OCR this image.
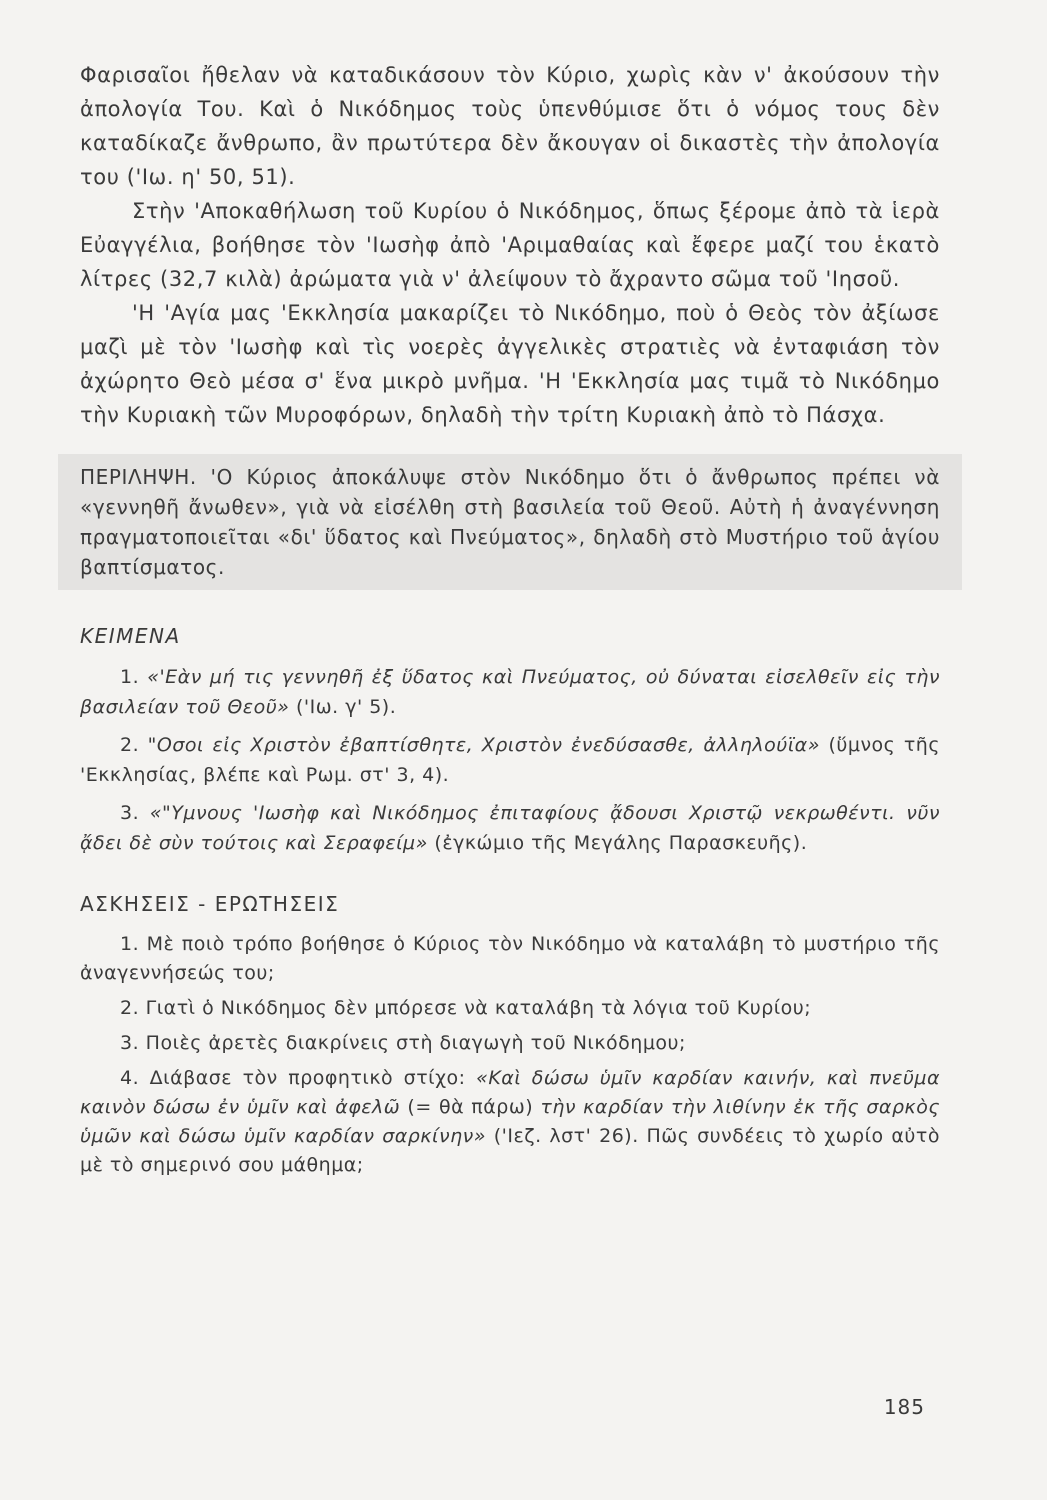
Φαρισαῖοι ἤθελαν νὰ καταδικάσουν τὸν Κύριο, χωρὶς κὰν ν' ἀκούσουν τὴν ἀπολογία Του. Καὶ ὁ Νικόδημος τοὺς ὑπενθύμισε ὅτι ὁ νόμος τους δὲν καταδίκαζε ἄνθρωπο, ἂν πρωτύτερα δὲν ἄκουγαν οἱ δικαστὲς τὴν ἀπολογία του ('Ιω. η' 50, 51).

Στὴν 'Αποκαθήλωση τοῦ Κυρίου ὁ Νικόδημος, ὅπως ξέρομε ἀπὸ τὰ ἱερὰ Εὐαγγέλια, βοήθησε τὸν 'Ιωσὴφ ἀπὸ 'Αριμαθαίας καὶ ἔφερε μαζί του ἑκατὸ λίτρες (32,7 κιλὰ) ἀρώματα γιὰ ν' ἀλείψουν τὸ ἄχραντο σῶμα τοῦ 'Ιησοῦ.

'Η 'Αγία μας 'Εκκλησία μακαρίζει τὸ Νικόδημο, ποὺ ὁ Θεὸς τὸν ἀξίωσε μαζὶ μὲ τὸν 'Ιωσὴφ καὶ τὶς νοερὲς ἀγγελικὲς στρατιὲς νὰ ἐνταφιάση τὸν ἀχώρητο Θεὸ μέσα σ' ἕνα μικρὸ μνῆμα. 'Η 'Εκκλησία μας τιμᾶ τὸ Νικόδημο τὴν Κυριακὴ τῶν Μυροφόρων, δηλαδὴ τὴν τρίτη Κυριακὴ ἀπὸ τὸ Πάσχα.

ΠΕΡΙΛΗΨΗ. 'Ο Κύριος ἀποκάλυψε στὸν Νικόδημο ὅτι ὁ ἄνθρωπος πρέπει νὰ «γεννηθῆ ἄνωθεν», γιὰ νὰ εἰσέλθη στὴ βασιλεία τοῦ Θεοῦ. Αὐτὴ ἡ ἀναγέννηση πραγματοποιεῖται «δι' ὕδατος καὶ Πνεύματος», δηλαδὴ στὸ Μυστήριο τοῦ ἁγίου βαπτίσματος.

ΚΕΙΜΕΝΑ

1. «'Εὰν μή τις γεννηθῆ ἐξ ὕδατος καὶ Πνεύματος, οὐ δύναται εἰσελθεῖν εἰς τὴν βασιλείαν τοῦ Θεοῦ» ('Ιω. γ' 5).

2. "Οσοι εἰς Χριστὸν ἐβαπτίσθητε, Χριστὸν ἐνεδύσασθε, ἀλληλούϊα» (ὕμνος τῆς 'Εκκλησίας, βλέπε καὶ Ρωμ. στ' 3, 4).

3. «"Υμνους 'Ιωσὴφ καὶ Νικόδημος ἐπιταφίους ᾄδουσι Χριστῷ νεκρωθέντι. νῦν ᾄδει δὲ σὺν τούτοις καὶ Σεραφείμ» (ἐγκώμιο τῆς Μεγάλης Παρασκευῆς).

ΑΣΚΗΣΕΙΣ - ΕΡΩΤΗΣΕΙΣ

1. Μὲ ποιὸ τρόπο βοήθησε ὁ Κύριος τὸν Νικόδημο νὰ καταλάβη τὸ μυστήριο τῆς ἀναγεννήσεώς του;

2. Γιατὶ ὁ Νικόδημος δὲν μπόρεσε νὰ καταλάβη τὰ λόγια τοῦ Κυρίου;

3. Ποιὲς ἀρετὲς διακρίνεις στὴ διαγωγὴ τοῦ Νικόδημου;

4. Διάβασε τὸν προφητικὸ στίχο: «Καὶ δώσω ὑμῖν καρδίαν καινήν, καὶ πνεῦμα καινὸν δώσω ἐν ὑμῖν καὶ ἀφελῶ (= θὰ πάρω) τὴν καρδίαν τὴν λιθίνην ἐκ τῆς σαρκὸς ὑμῶν καὶ δώσω ὑμῖν καρδίαν σαρκίνην» ('Ιεζ. λστ' 26). Πῶς συνδέεις τὸ χωρίο αὐτὸ μὲ τὸ σημερινό σου μάθημα;

185
